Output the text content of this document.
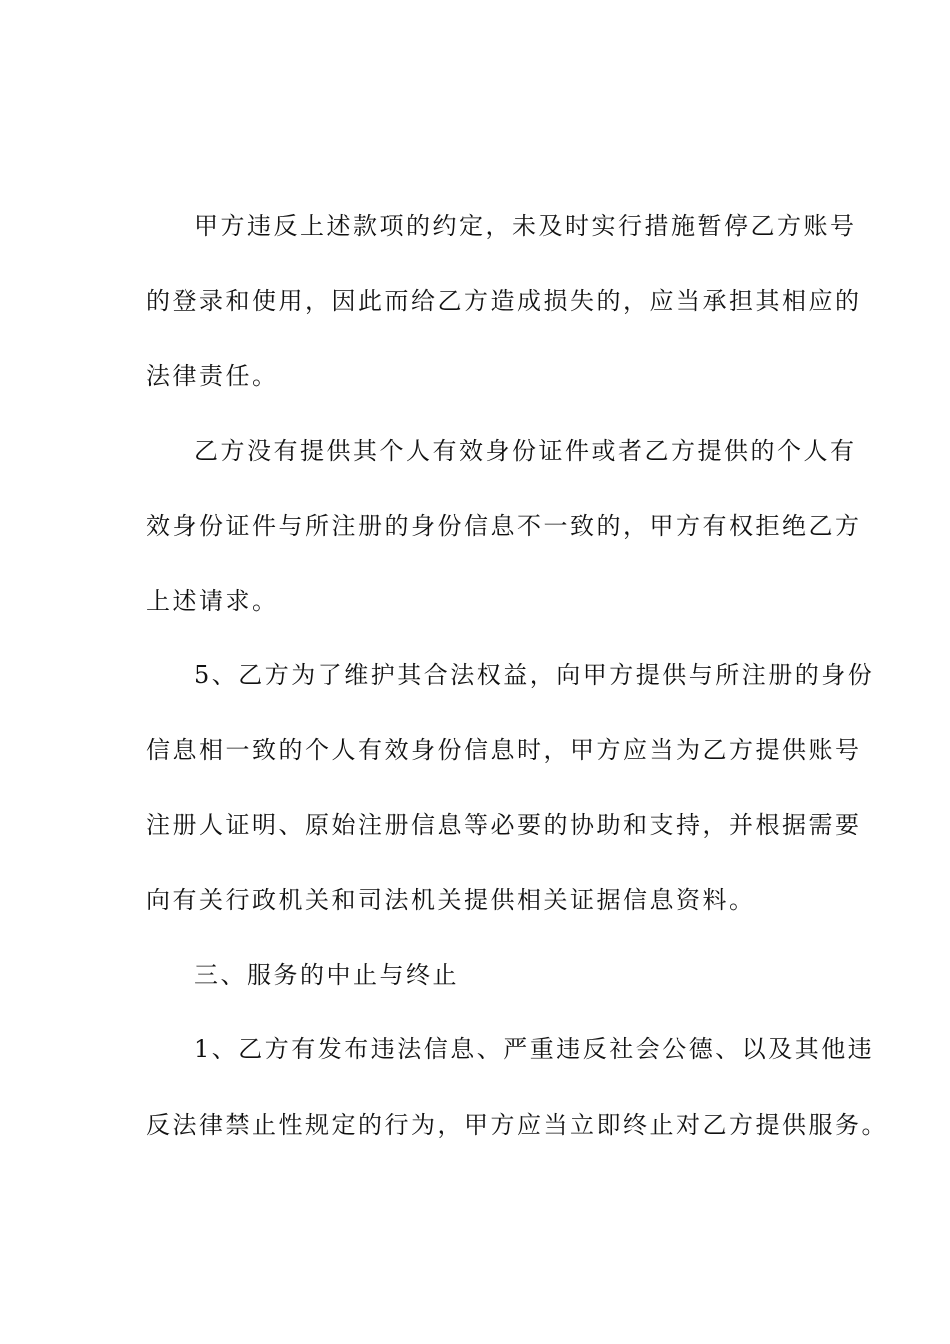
甲方违反上述款项的约定，未及时实行措施暂停乙方账号
的登录和使用，因此而给乙方造成损失的，应当承担其相应的
法律责任。
乙方没有提供其个人有效身份证件或者乙方提供的个人有
效身份证件与所注册的身份信息不一致的，甲方有权拒绝乙方
上述请求。
5、乙方为了维护其合法权益，向甲方提供与所注册的身份
信息相一致的个人有效身份信息时，甲方应当为乙方提供账号
注册人证明、原始注册信息等必要的协助和支持，并根据需要
向有关行政机关和司法机关提供相关证据信息资料。
三、服务的中止与终止
1、乙方有发布违法信息、严重违反社会公德、以及其他违
反法律禁止性规定的行为，甲方应当立即终止对乙方提供服务。
